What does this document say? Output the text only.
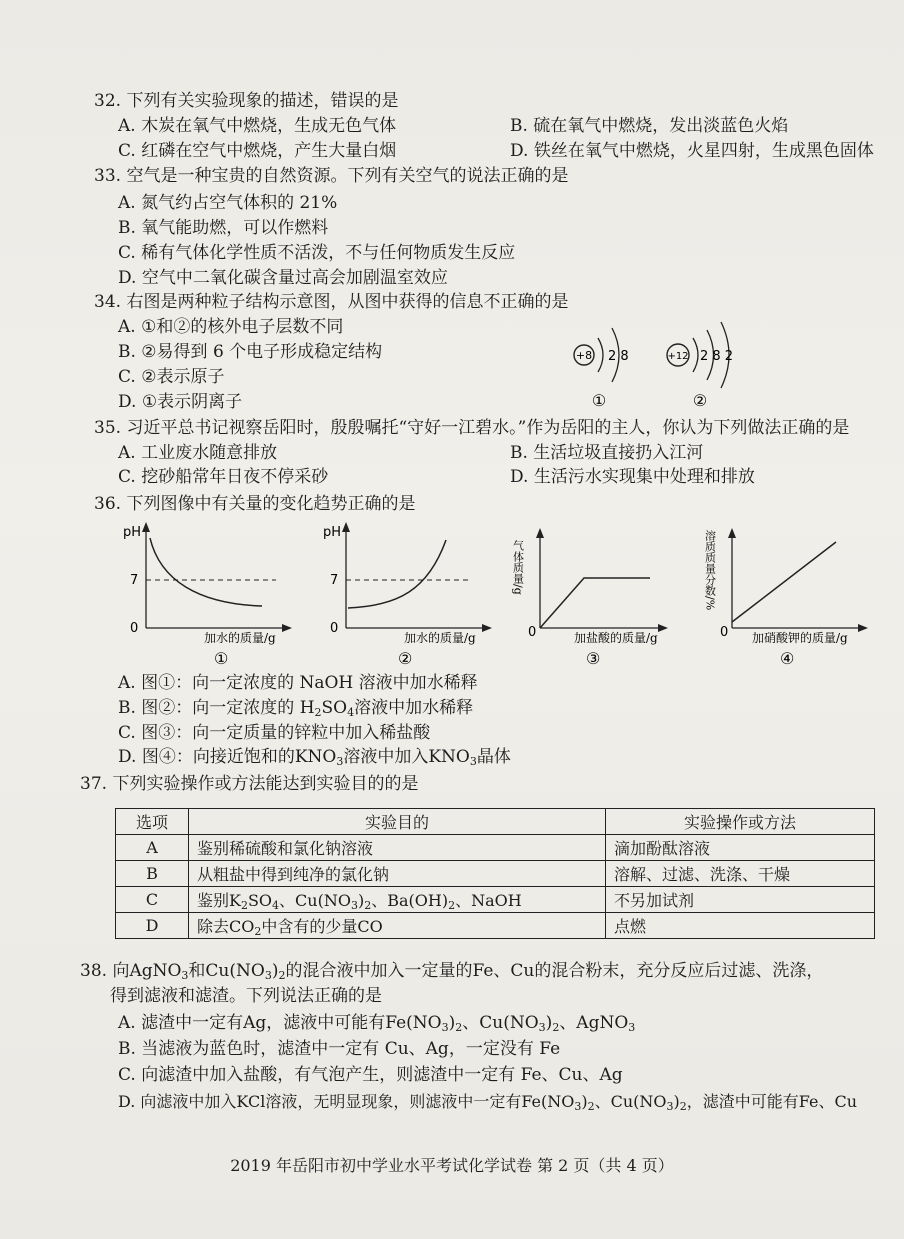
32. 下列有关实验现象的描述，错误的是
A. 木炭在氧气中燃烧，生成无色气体	B. 硫在氧气中燃烧，发出淡蓝色火焰
C. 红磷在空气中燃烧，产生大量白烟	D. 铁丝在氧气中燃烧，火星四射，生成黑色固体
33. 空气是一种宝贵的自然资源。下列有关空气的说法正确的是
A. 氮气约占空气体积的 21%
B. 氧气能助燃，可以作燃料
C. 稀有气体化学性质不活泼，不与任何物质发生反应
D. 空气中二氧化碳含量过高会加剧温室效应
34. 右图是两种粒子结构示意图，从图中获得的信息不正确的是
A. ①和②的核外电子层数不同
B. ②易得到 6 个电子形成稳定结构
C. ②表示原子
D. ①表示阴离子
+8 2 8
①
+12 2 8 2
②
35. 习近平总书记视察岳阳时，殷殷嘱托“守好一江碧水。”作为岳阳的主人，你认为下列做法正确的是
A. 工业废水随意排放	B. 生活垃圾直接扔入江河
C. 挖砂船常年日夜不停采砂	D. 生活污水实现集中处理和排放
36. 下列图像中有关量的变化趋势正确的是
pH
7
0
加水的质量/g
①
pH
7
0
加水的质量/g
②
气体质量/g
0	加盐酸的质量/g
③
溶质质量分数/%
0 加硝酸钾的质量/g
④
A. 图①：向一定浓度的 NaOH 溶液中加水稀释
B. 图②：向一定浓度的 $H_2SO_4$溶液中加水稀释
C. 图③：向一定质量的锌粒中加入稀盐酸
D. 图④：向接近饱和的$KNO_3$溶液中加入$KNO_3$晶体
37. 下列实验操作或方法能达到实验目的的是
选项	实验目的	实验操作或方法
A	鉴别稀硫酸和氯化钠溶液	滴加酚酞溶液
B	从粗盐中得到纯净的氯化钠	溶解、过滤、洗涤、干燥
C	鉴别$K_2SO_4$、$Cu(NO_3)_2$、$Ba(OH)_2$、NaOH	不另加试剂
D	除去$CO_2$中含有的少量CO	点燃
38. 向AgNO$_3$和$Cu(NO_3)_2$的混合液中加入一定量的Fe、Cu的混合粉末，充分反应后过滤、洗涤，
得到滤液和滤渣。下列说法正确的是
A. 滤渣中一定有Ag，滤液中可能有$Fe(NO_3)_2$、$Cu(NO_3)_2$、AgNO$_3$
B. 当滤液为蓝色时，滤渣中一定有 Cu、Ag，一定没有 Fe
C. 向滤渣中加入盐酸，有气泡产生，则滤渣中一定有 Fe、Cu、Ag
D. 向滤液中加入KCl溶液，无明显现象，则滤液中一定有$Fe(NO_3)_2$、$Cu(NO_3)_2$，滤渣中可能有Fe、Cu
2019 年岳阳市初中学业水平考试化学试卷 第 2 页（共 4 页）
